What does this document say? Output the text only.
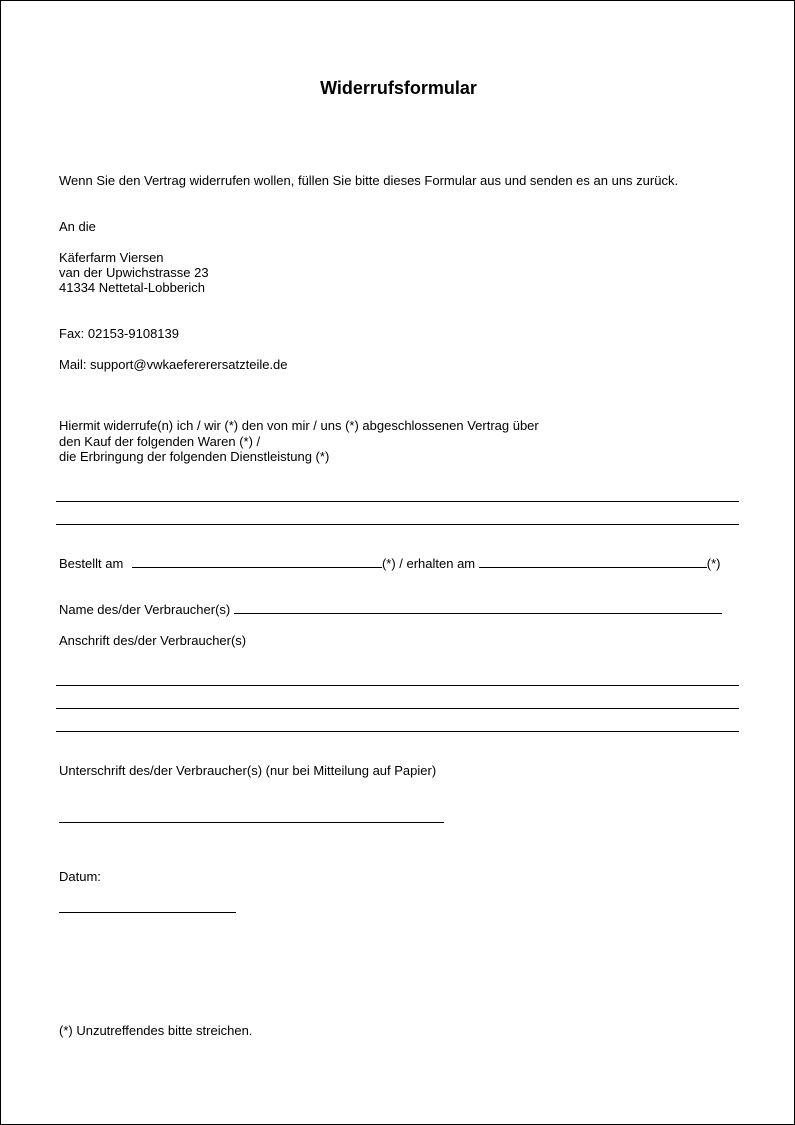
Widerrufsformular
Wenn Sie den Vertrag widerrufen wollen, füllen Sie bitte dieses Formular aus und senden es an uns zurück.
An die
Käferfarm Viersen
van der Upwichstrasse 23
41334 Nettetal-Lobberich
Fax: 02153-9108139
Mail: support@vwkaefererersatzteile.de
Hiermit widerrufe(n) ich / wir (*) den von mir / uns (*) abgeschlossenen Vertrag über
den Kauf der folgenden Waren (*) /
die Erbringung der folgenden Dienstleistung (*)
Bestellt am	(*) / erhalten am	(*)
Name des/der Verbraucher(s)
Anschrift des/der Verbraucher(s)
Unterschrift des/der Verbraucher(s) (nur bei Mitteilung auf Papier)
Datum:
(*) Unzutreffendes bitte streichen.
